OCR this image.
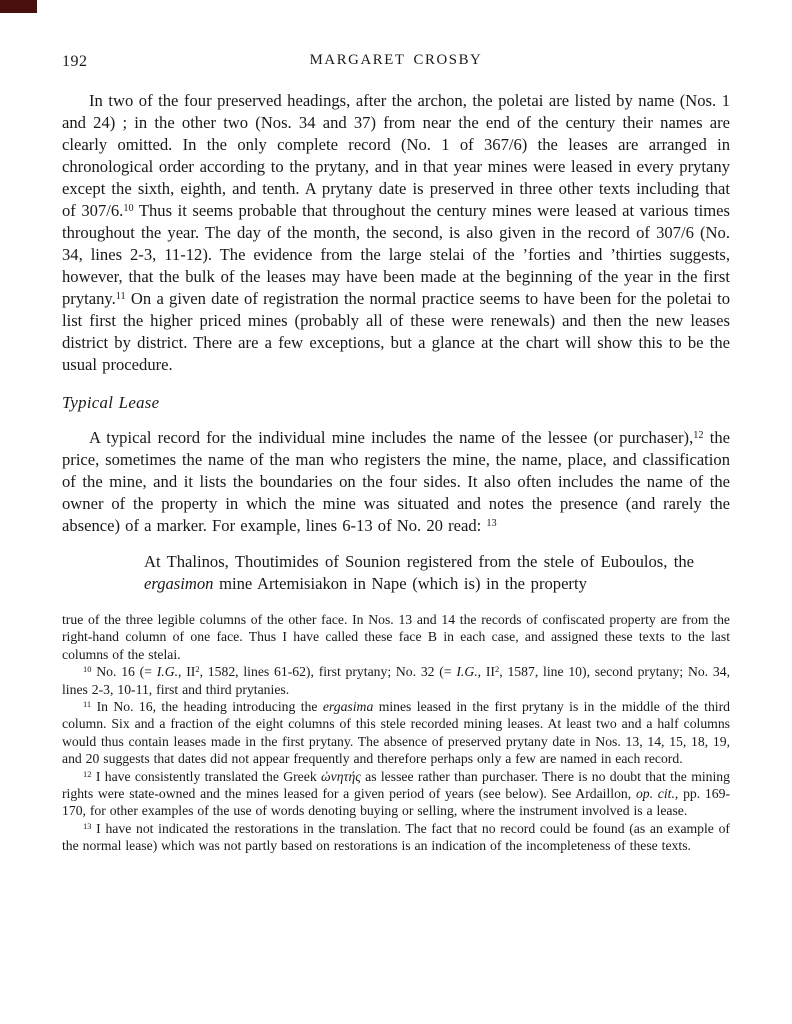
192	MARGARET CROSBY

In two of the four preserved headings, after the archon, the poletai are listed by name (Nos. 1 and 24) ; in the other two (Nos. 34 and 37) from near the end of the century their names are clearly omitted. In the only complete record (No. 1 of 367/6) the leases are arranged in chronological order according to the prytany, and in that year mines were leased in every prytany except the sixth, eighth, and tenth. A prytany date is preserved in three other texts including that of 307/6.10 Thus it seems probable that throughout the century mines were leased at various times throughout the year. The day of the month, the second, is also given in the record of 307/6 (No. 34, lines 2-3, 11-12). The evidence from the large stelai of the ’forties and ’thirties suggests, however, that the bulk of the leases may have been made at the beginning of the year in the first prytany.$^{11}$ On a given date of registration the normal practice seems to have been for the poletai to list first the higher priced mines (probably all of these were renewals) and then the new leases district by district. There are a few exceptions, but a glance at the chart will show this to be the usual procedure.

Typical Lease

A typical record for the individual mine includes the name of the lessee (or purchaser),$^{12}$ the price, sometimes the name of the man who registers the mine, the name, place, and classification of the mine, and it lists the boundaries on the four sides. It also often includes the name of the owner of the property in which the mine was situated and notes the presence (and rarely the absence) of a marker. For example, lines 6-13 of No. 20 read: $^{13}$

At Thalinos, Thoutimides of Sounion registered from the stele of Euboulos, the ergasimon mine Artemisiakon in Nape (which is) in the property

true of the three legible columns of the other face. In Nos. 13 and 14 the records of confiscated property are from the right-hand column of one face. Thus I have called these face B in each case, and assigned these texts to the last columns of the stelai.

$^{10}$ No. 16 (= I.G., $II^2$, 1582, lines 61-62), first prytany; No. 32 (= I.G., $II^2$, 1587, line 10), second prytany; No. 34, lines 2-3, 10-11, first and third prytanies.

$^{11}$ In No. 16, the heading introducing the ergasima mines leased in the first prytany is in the middle of the third column. Six and a fraction of the eight columns of this stele recorded mining leases. At least two and a half columns would thus contain leases made in the first prytany. The absence of preserved prytany date in Nos. 13, 14, 15, 18, 19, and 20 suggests that dates did not appear frequently and therefore perhaps only a few are named in each record.

$^{12}$ I have consistently translated the Greek ὠνητής as lessee rather than purchaser. There is no doubt that the mining rights were state-owned and the mines leased for a given period of years (see below). See Ardaillon, op. cit., pp. 169-170, for other examples of the use of words denoting buying or selling, where the instrument involved is a lease.

$^{13}$ I have not indicated the restorations in the translation. The fact that no record could be found (as an example of the normal lease) which was not partly based on restorations is an indication of the incompleteness of these texts.
